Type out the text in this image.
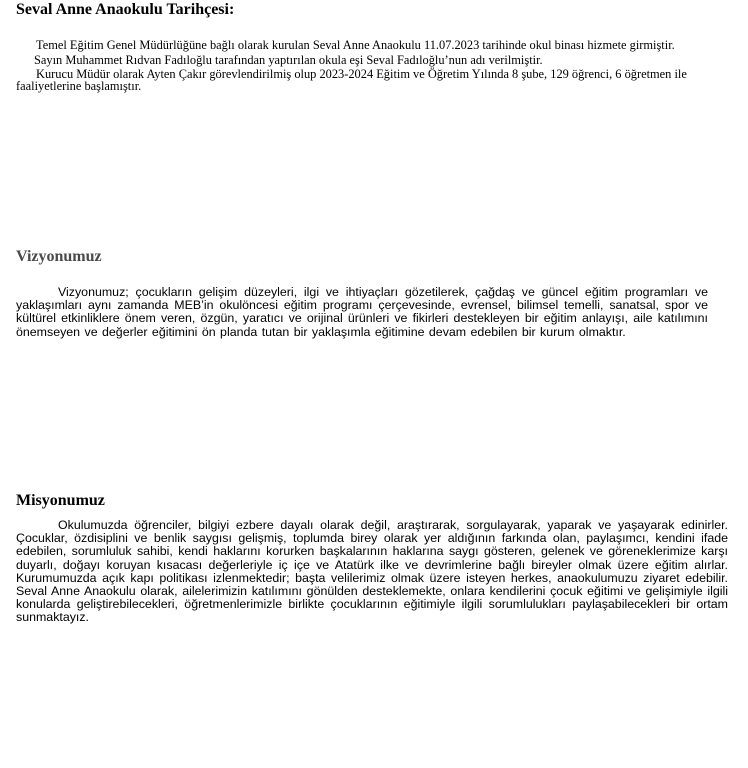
Seval Anne Anaokulu Tarihçesi:

Temel Eğitim Genel Müdürlüğüne bağlı olarak kurulan Seval Anne Anaokulu 11.07.2023 tarihinde okul binası hizmete girmiştir.

Sayın Muhammet Rıdvan Fadıloğlu tarafından yaptırılan okula eşi Seval Fadıloğlu’nun adı verilmiştir.

Kurucu Müdür olarak Ayten Çakır görevlendirilmiş olup 2023-2024 Eğitim ve Öğretim Yılında 8 şube, 129 öğrenci, 6 öğretmen ile faaliyetlerine başlamıştır.

Vizyonumuz

Vizyonumuz; çocukların gelişim düzeyleri, ilgi ve ihtiyaçları gözetilerek, çağdaş ve güncel eğitim programları ve yaklaşımları aynı zamanda MEB’in okulöncesi eğitim programı çerçevesinde, evrensel, bilimsel temelli, sanatsal, spor ve kültürel etkinliklere önem veren, özgün, yaratıcı ve orijinal ürünleri ve fikirleri destekleyen bir eğitim anlayışı, aile katılımını önemseyen ve değerler eğitimini ön planda tutan bir yaklaşımla eğitimine devam edebilen bir kurum olmaktır.

Misyonumuz

Okulumuzda öğrenciler, bilgiyi ezbere dayalı olarak değil, araştırarak, sorgulayarak, yaparak ve yaşayarak edinirler. Çocuklar, özdisiplini ve benlik saygısı gelişmiş, toplumda birey olarak yer aldığının farkında olan, paylaşımcı, kendini ifade edebilen, sorumluluk sahibi, kendi haklarını korurken başkalarının haklarına saygı gösteren, gelenek ve göreneklerimize karşı duyarlı, doğayı koruyan kısacası değerleriyle iç içe ve Atatürk ilke ve devrimlerine bağlı bireyler olmak üzere eğitim alırlar. Kurumumuzda açık kapı politikası izlenmektedir; başta velilerimiz olmak üzere isteyen herkes, anaokulumuzu ziyaret edebilir. Seval Anne Anaokulu olarak, ailelerimizin katılımını gönülden desteklemekte, onlara kendilerini çocuk eğitimi ve gelişimiyle ilgili konularda geliştirebilecekleri, öğretmenlerimizle birlikte çocuklarının eğitimiyle ilgili sorumlulukları paylaşabilecekleri bir ortam sunmaktayız.
